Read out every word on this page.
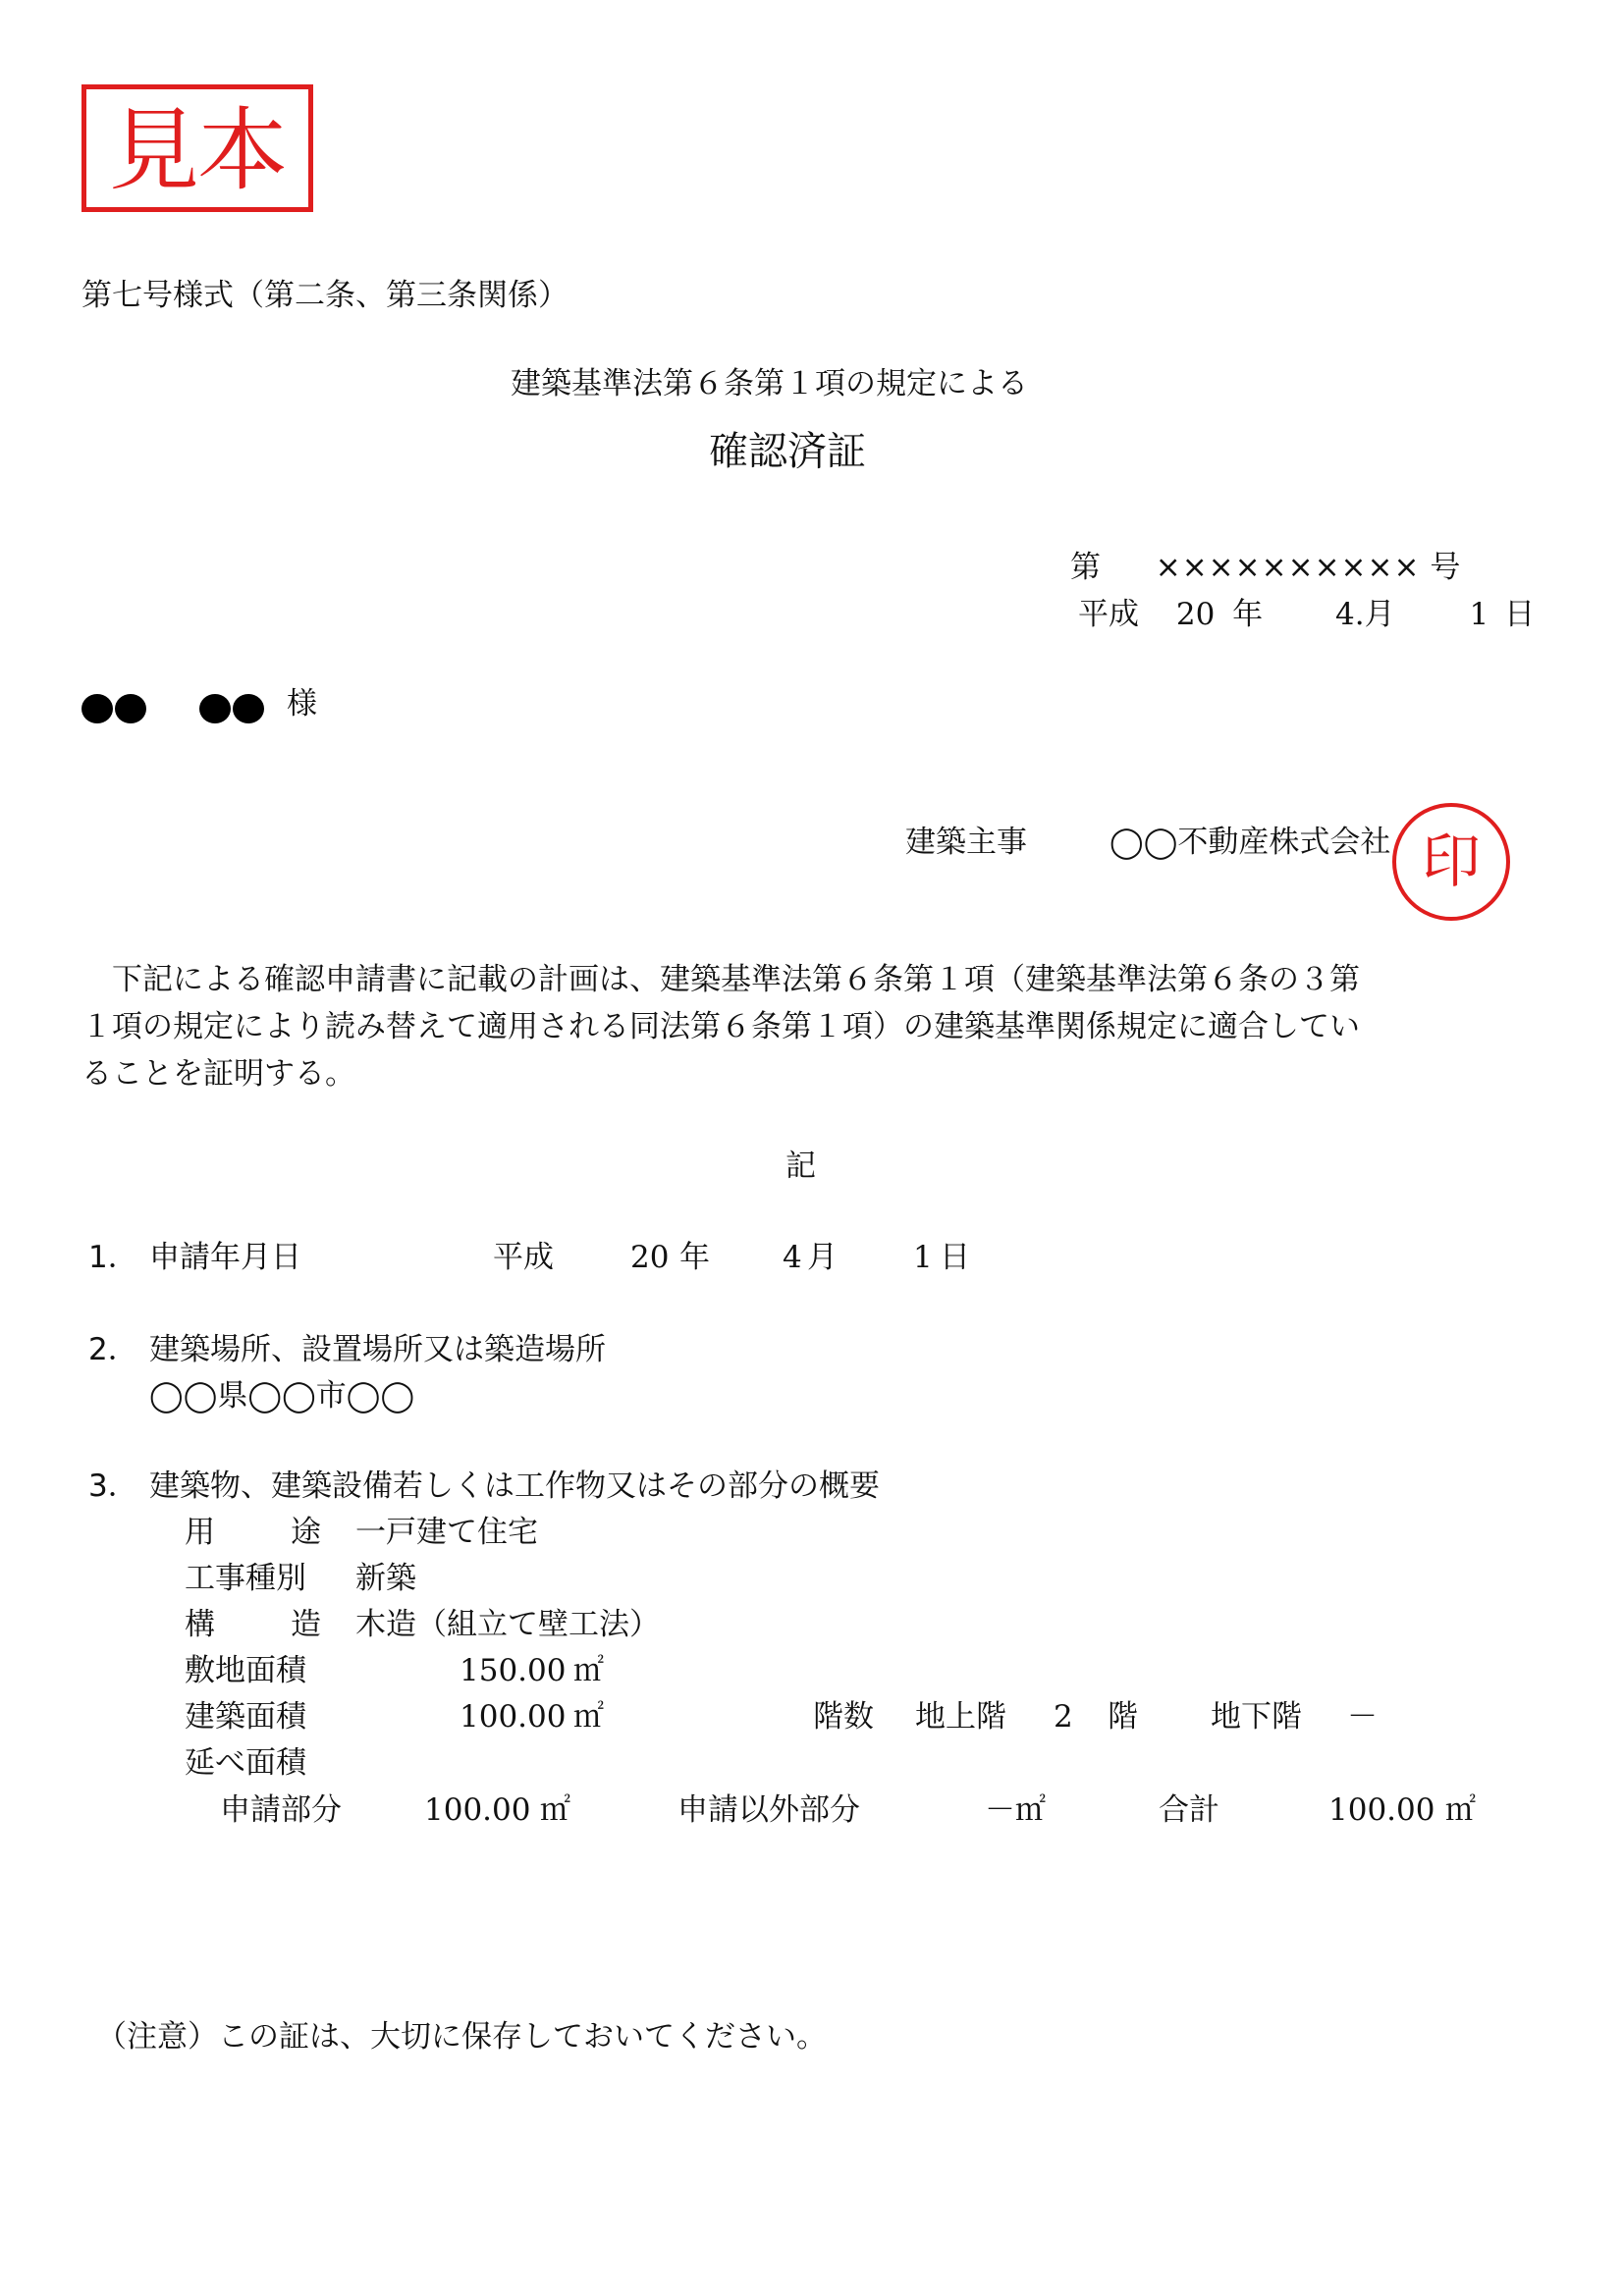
見本
第七号様式（第二条、第三条関係）
建築基準法第６条第１項の規定による
確認済証
第 ×××××××××× 号
平成 20 年 4.月 1 日

様
建築主事	◯◯不動産株式会社 印
　下記による確認申請書に記載の計画は、建築基準法第６条第１項（建築基準法第６条の３第
１項の規定により読み替えて適用される同法第６条第１項）の建築基準関係規定に適合してい
ることを証明する。
記
1． 申請年月日	平成	20 年 4 月 1 日
2． 建築場所、設置場所又は築造場所
◯◯県◯◯市◯◯
3． 建築物、建築設備若しくは工作物又はその部分の概要
用 途 一戸建て住宅
工事種別 新築
構 造 木造（組立て壁工法）
敷地面積	150.00 ㎡
建築面積	100.00 ㎡	階数 地上階 2 階 地下階 －
延べ面積
申請部分	100.00 ㎡	申請以外部分	－㎡	合計	100.00 ㎡
（注意）この証は、大切に保存しておいてください。
